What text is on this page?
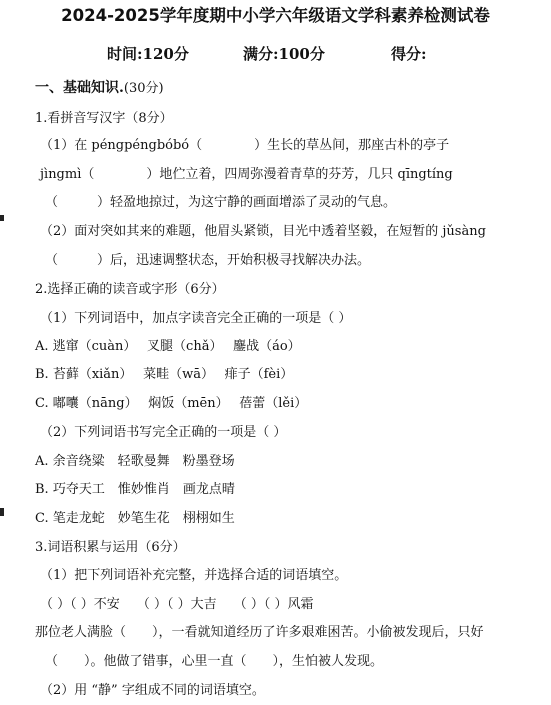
2024-2025学年度期中小学六年级语文学科素养检测试卷
时间:120分	满分:100分	得分:
一、基础知识.(30分)
1.看拼音写汉字（8分）
（1）在 péngpéngbóbó（　　　　）生长的草丛间，那座古朴的亭子
jìngmì（　　　　）地伫立着，四周弥漫着青草的芬芳，几只 qīngtíng
（　　　）轻盈地掠过，为这宁静的画面增添了灵动的气息。
（2）面对突如其来的难题，他眉头紧锁，目光中透着坚毅，在短暂的 jǔsàng
（　　　）后，迅速调整状态，开始积极寻找解决办法。
2.选择正确的读音或字形（6分）
（1）下列词语中，加点字读音完全正确的一项是（ ）
A. 逃窜（cuàn）　 叉腿（chǎ）　 鏖战（áo）
B. 苔藓（xiǎn）　 菜畦（wā）　 痱子（fèi）
C. 嘟囔（nāng）　 焖饭（mēn）　 蓓蕾（lěi）
（2）下列词语书写完全正确的一项是（ ）
A. 余音绕粱　轻歌曼舞　粉墨登场
B. 巧夺天工　惟妙惟肖　画龙点晴
C. 笔走龙蛇　妙笔生花　栩栩如生
3.词语积累与运用（6分）
（1）把下列词语补充完整，并选择合适的词语填空。
（ ）（ ）不安　 （ ）（ ）大吉　 （ ）（ ）风霜
那位老人满脸（　　），一看就知道经历了许多艰难困苦。小偷被发现后，只好
（　　）。他做了错事，心里一直（　　），生怕被人发现。
（2）用 “静” 字组成不同的词语填空。
